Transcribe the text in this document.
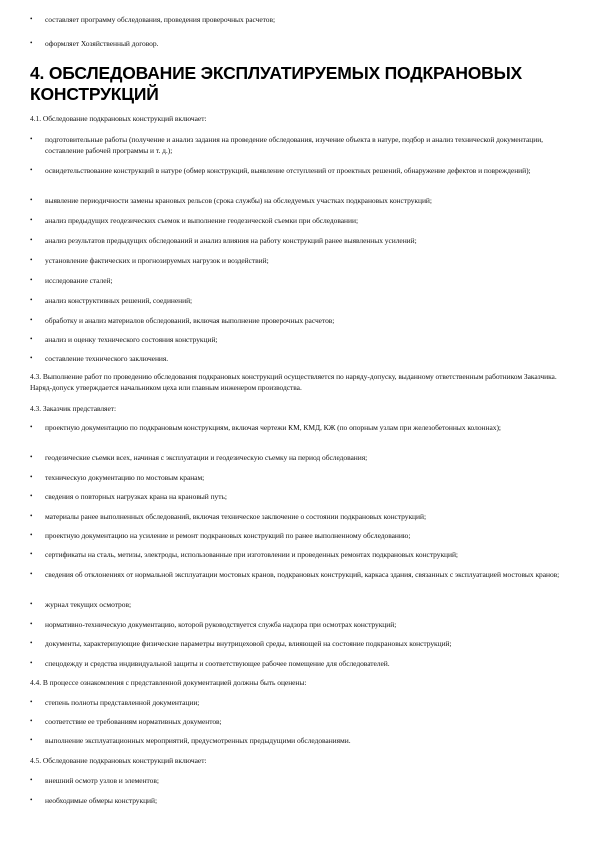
• составляет программу обследования, проведения проверочных расчетов;
• оформляет Хозяйственный договор.
4. ОБСЛЕДОВАНИЕ ЭКСПЛУАТИРУЕМЫХ ПОДКРАНОВЫХ КОНСТРУКЦИЙ

4.1. Обследование подкрановых конструкций включает:

• подготовительные работы (получение и анализ задания на проведение обследования, изучение объекта в натуре, подбор и анализ технической документации, составление рабочей программы и т. д.);
• освидетельствование конструкций в натуре (обмер конструкций, выявление отступлений от проектных решений, обнаружение дефектов и повреждений);
• выявление периодичности замены крановых рельсов (срока службы) на обследуемых участках подкрановых конструкций;
• анализ предыдущих геодезических съемок и выполнение геодезической съемки при обследовании;
• анализ результатов предыдущих обследований и анализ влияния на работу конструкций ранее выявленных усилений;
• установление фактических и прогнозируемых нагрузок и воздействий;
• исследование сталей;
• анализ конструктивных решений, соединений;
• обработку и анализ материалов обследований, включая выполнение проверочных расчетов;
• анализ и оценку технического состояния конструкций;
• составление технического заключения.

4.3. Выполнение работ по проведению обследования подкрановых конструкций осуществляется по наряду-допуску, выданному ответственным работником Заказчика. Наряд-допуск утверждается начальником цеха или главным инженером производства.

4.3. Заказчик представляет:

• проектную документацию по подкрановым конструкциям, включая чертежи КМ, КМД, КЖ (по опорным узлам при железобетонных колоннах);
• геодезические съемки всех, начиная с эксплуатации и геодезическую съемку на период обследования;
• техническую документацию по мостовым кранам;
• сведения о повторных нагрузках крана на крановый путь;
• материалы ранее выполненных обследований, включая техническое заключение о состоянии подкрановых конструкций;
• проектную документацию на усиление и ремонт подкрановых конструкций по ранее выполненному обследованию;
• сертификаты на сталь, метизы, электроды, использованные при изготовлении и проведенных ремонтах подкрановых конструкций;
• сведения об отклонениях от нормальной эксплуатации мостовых кранов, подкрановых конструкций, каркаса здания, связанных с эксплуатацией мостовых кранов;
• журнал текущих осмотров;
• нормативно-техническую документацию, которой руководствуется служба надзора при осмотрах конструкций;
• документы, характеризующие физические параметры внутрицеховой среды, влияющей на состояние подкрановых конструкций;
• спецодежду и средства индивидуальной защиты и соответствующее рабочее помещение для обследователей.

4.4. В процессе ознакомления с представленной документацией должны быть оценены:

• степень полноты представленной документации;
• соответствие ее требованиям нормативных документов;
• выполнение эксплуатационных мероприятий, предусмотренных предыдущими обследованиями.

4.5. Обследование подкрановых конструкций включает:

• внешний осмотр узлов и элементов;
• необходимые обмеры конструкций;
